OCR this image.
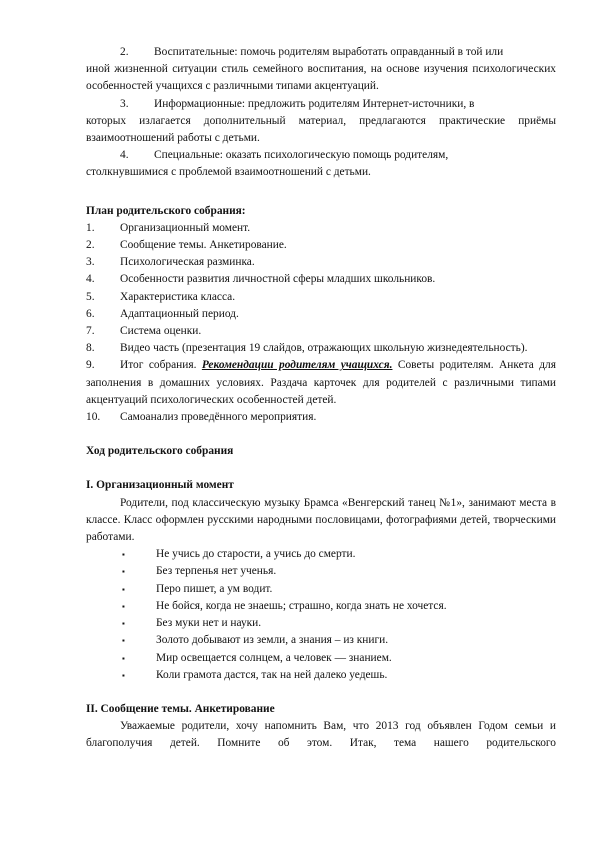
2. Воспитательные: помочь родителям выработать оправданный в той или

иной жизненной ситуации стиль семейного воспитания, на основе изучения психологических особенностей учащихся с различными типами акцентуаций.

3. Информационные: предложить родителям Интернет-источники, в

которых излагается дополнительный материал, предлагаются практические приёмы взаимоотношений работы с детьми.

4. Специальные: оказать психологическую помощь родителям,

столкнувшимися с проблемой взаимоотношений с детьми.

План родительского собрания:

1.	Организационный момент.
2.	Сообщение темы. Анкетирование.
3.	Психологическая разминка.
4.	Особенности развития личностной сферы младших школьников.
5.	Характеристика класса.
6.	Адаптационный период.
7.	Система оценки.

8. Видео часть (презентация 19 слайдов, отражающих школьную жизнедеятельность).

9. Итог собрания. Рекомендации родителям учащихся. Советы родителям. Анкета для заполнения в домашних условиях. Раздача карточек для родителей с различными типами акцентуаций психологических особенностей детей.

10. Самоанализ проведённого мероприятия.

Ход родительского собрания

I. Организационный момент

Родители, под классическую музыку Брамса «Венгерский танец №1», занимают места в классе. Класс оформлен русскими народными пословицами, фотографиями детей, творческими работами.

▪	Не учись до старости, а учись до смерти.
▪	Без терпенья нет ученья.
▪	Перо пишет, а ум водит.
▪	Не бойся, когда не знаешь; страшно, когда знать не хочется.
▪	Без муки нет и науки.
▪	Золото добывают из земли, а знания – из книги.
▪	Мир освещается солнцем, а человек — знанием.
▪	Коли грамота дастся, так на ней далеко уедешь.

II. Сообщение темы. Анкетирование

Уважаемые родители, хочу напомнить Вам, что 2013 год объявлен Годом семьи и благополучия детей. Помните об этом. Итак, тема нашего родительского
